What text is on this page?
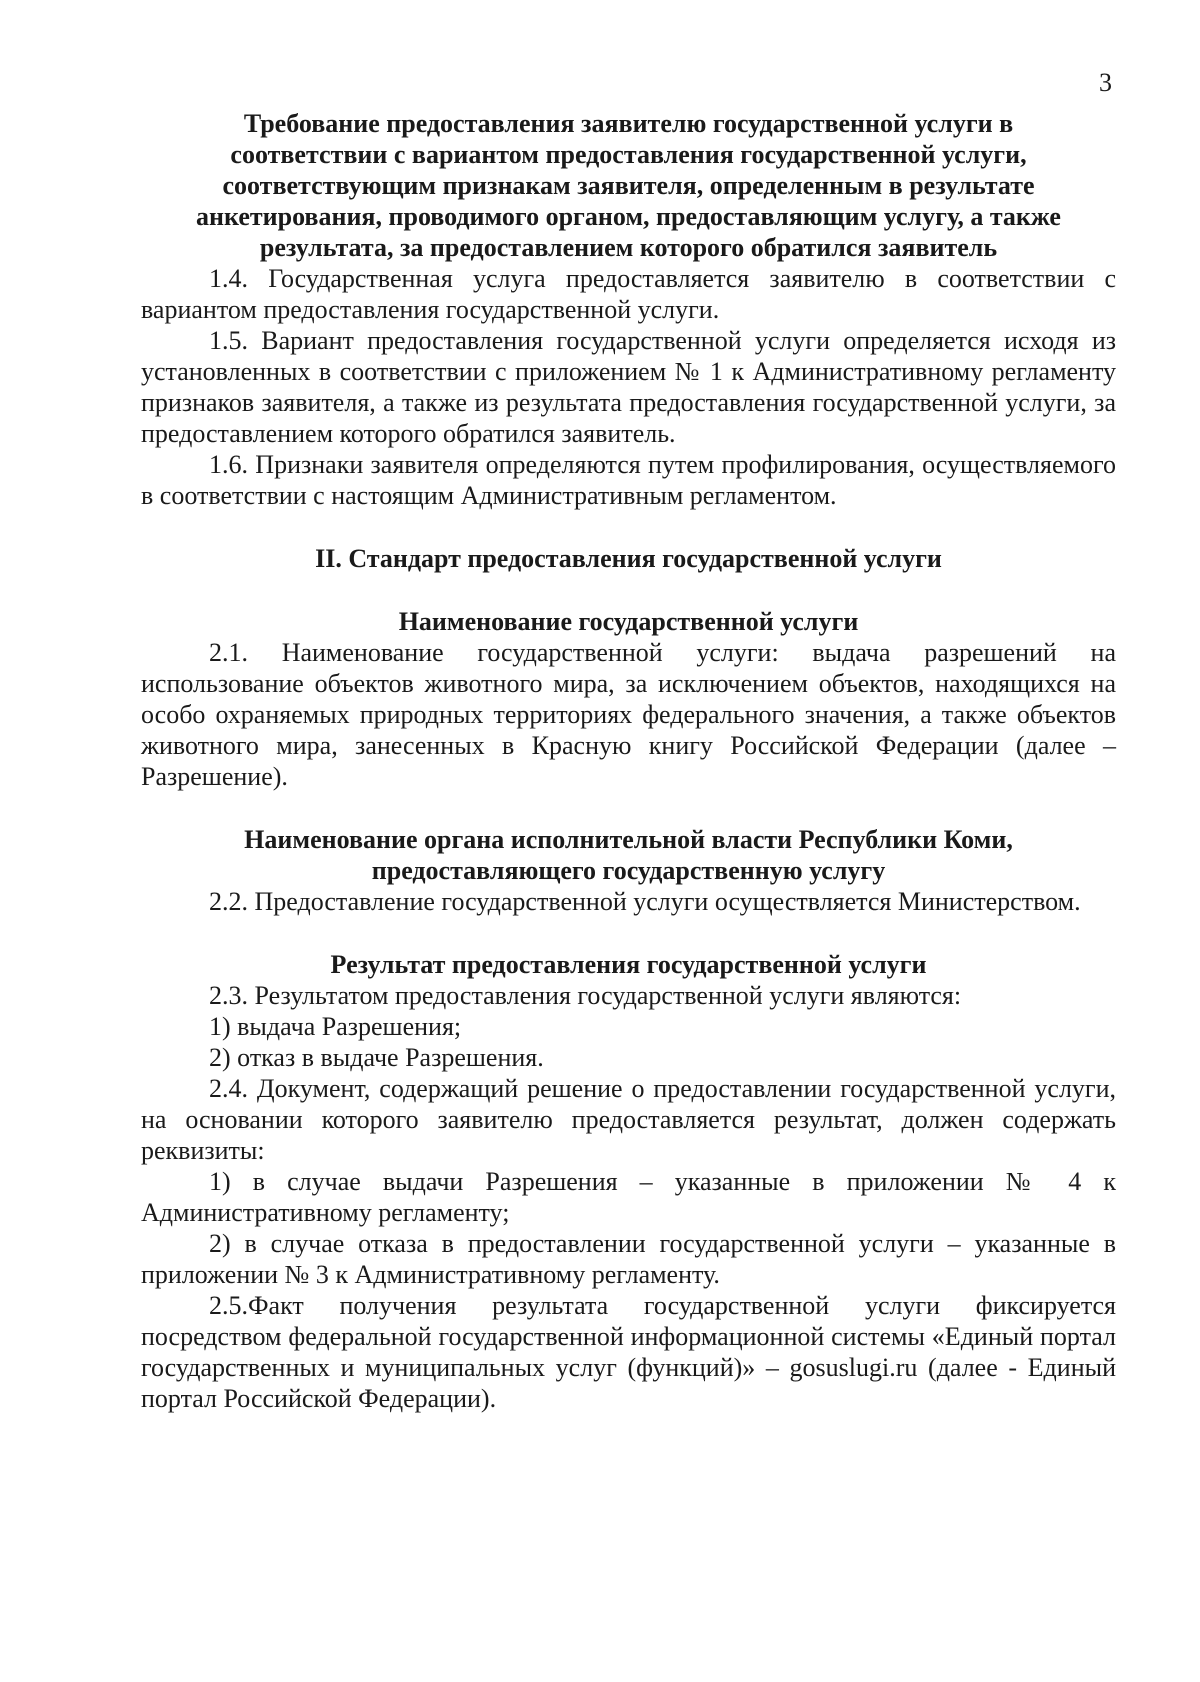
3
Требование предоставления заявителю государственной услуги в
соответствии с вариантом предоставления государственной услуги,
соответствующим признакам заявителя, определенным в результате
анкетирования, проводимого органом, предоставляющим услугу, а также
результата, за предоставлением которого обратился заявитель

1.4. Государственная услуга предоставляется заявителю в соответствии с вариантом предоставления государственной услуги.

1.5. Вариант предоставления государственной услуги определяется исходя из установленных в соответствии с приложением № 1 к Административному регламенту признаков заявителя, а также из результата предоставления государственной услуги, за предоставлением которого обратился заявитель.

1.6. Признаки заявителя определяются путем профилирования, осуществляемого в соответствии с настоящим Административным регламентом.

II. Стандарт предоставления государственной услуги

Наименование государственной услуги

2.1. Наименование государственной услуги: выдача разрешений на использование объектов животного мира, за исключением объектов, находящихся на особо охраняемых природных территориях федерального значения, а также объектов животного мира, занесенных в Красную книгу Российской Федерации (далее – Разрешение).

Наименование органа исполнительной власти Республики Коми,
предоставляющего государственную услугу

2.2. Предоставление государственной услуги осуществляется Министерством.

Результат предоставления государственной услуги

2.3. Результатом предоставления государственной услуги являются:

1) выдача Разрешения;

2) отказ в выдаче Разрешения.

2.4. Документ, содержащий решение о предоставлении государственной услуги, на основании которого заявителю предоставляется результат, должен содержать реквизиты:

1) в случае выдачи Разрешения – указанные в приложении № 4 к Административному регламенту;

2) в случае отказа в предоставлении государственной услуги – указанные в приложении № 3 к Административному регламенту.

2.5.Факт получения результата государственной услуги фиксируется посредством федеральной государственной информационной системы «Единый портал государственных и муниципальных услуг (функций)» – gosuslugi.ru (далее - Единый портал Российской Федерации).
